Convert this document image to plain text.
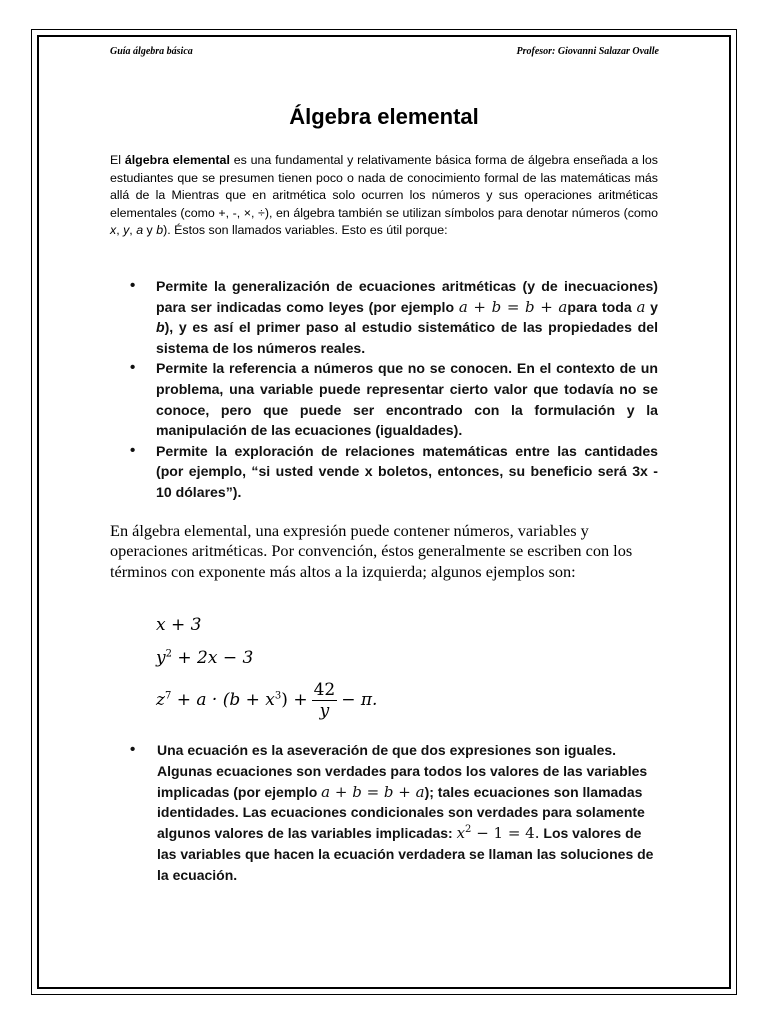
Guía álgebra básica	Profesor: Giovanni Salazar Ovalle
Álgebra elemental

El álgebra elemental es una fundamental y relativamente básica forma de álgebra enseñada a los estudiantes que se presumen tienen poco o nada de conocimiento formal de las matemáticas más allá de la Mientras que en aritmética solo ocurren los números y sus operaciones aritméticas elementales (como +, -, ×, ÷), en álgebra también se utilizan símbolos para denotar números (como x, y, a y b). Éstos son llamados variables. Esto es útil porque:

• Permite la generalización de ecuaciones aritméticas (y de inecuaciones) para ser indicadas como leyes (por ejemplo a + b = b + apara toda a y b), y es así el primer paso al estudio sistemático de las propiedades del sistema de los números reales.
• Permite la referencia a números que no se conocen. En el contexto de un problema, una variable puede representar cierto valor que todavía no se conoce, pero que puede ser encontrado con la formulación y la manipulación de las ecuaciones (igualdades).
• Permite la exploración de relaciones matemáticas entre las cantidades (por ejemplo, “si usted vende x boletos, entonces, su beneficio será 3x - 10 dólares”).

En álgebra elemental, una expresión puede contener números, variables y operaciones aritméticas. Por convención, éstos generalmente se escriben con los términos con exponente más altos a la izquierda; algunos ejemplos son:

x + 3
$y^2 + 2x - 3$
$z^7 + a \cdot (b + x^3) + \frac{42}{y} - \pi$.
• Una ecuación es la aseveración de que dos expresiones son iguales. Algunas ecuaciones son verdades para todos los valores de las variables implicadas (por ejemplo a + b = b + a); tales ecuaciones son llamadas identidades. Las ecuaciones condicionales son verdades para solamente algunos valores de las variables implicadas: $x^2 - 1 = 4$. Los valores de las variables que hacen la ecuación verdadera se llaman las soluciones de la ecuación.
